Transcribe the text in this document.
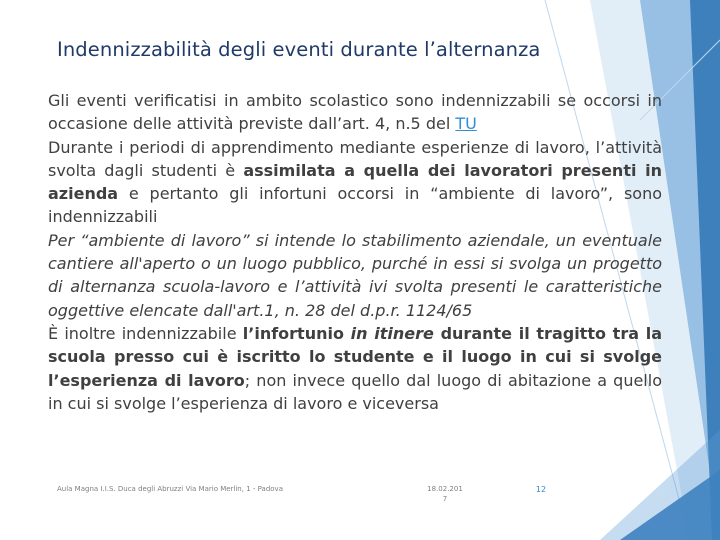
Indennizzabilità degli eventi durante l’alternanza

Gli eventi verificatisi in ambito scolastico sono indennizzabili se occorsi in occasione delle attività previste dall’art. 4, n.5 del TU

Durante i periodi di apprendimento mediante esperienze di lavoro, l’attività svolta dagli studenti è assimilata a quella dei lavoratori presenti in azienda e pertanto gli infortuni occorsi in “ambiente di lavoro”, sono indennizzabili

Per “ambiente di lavoro” si intende lo stabilimento aziendale, un eventuale cantiere all'aperto o un luogo pubblico, purché in essi si svolga un progetto di alternanza scuola-lavoro e l’attività ivi svolta presenti le caratteristiche oggettive elencate dall'art.1, n. 28 del d.p.r. 1124/65

È inoltre indennizzabile l’infortunio in itinere durante il tragitto tra la scuola presso cui è iscritto lo studente e il luogo in cui si svolge l’esperienza di lavoro; non invece quello dal luogo di abitazione a quello in cui si svolge l’esperienza di lavoro e viceversa

Aula Magna I.I.S. Duca degli Abruzzi Via Mario Merlin, 1 - Padova	18.02.201
7
12
